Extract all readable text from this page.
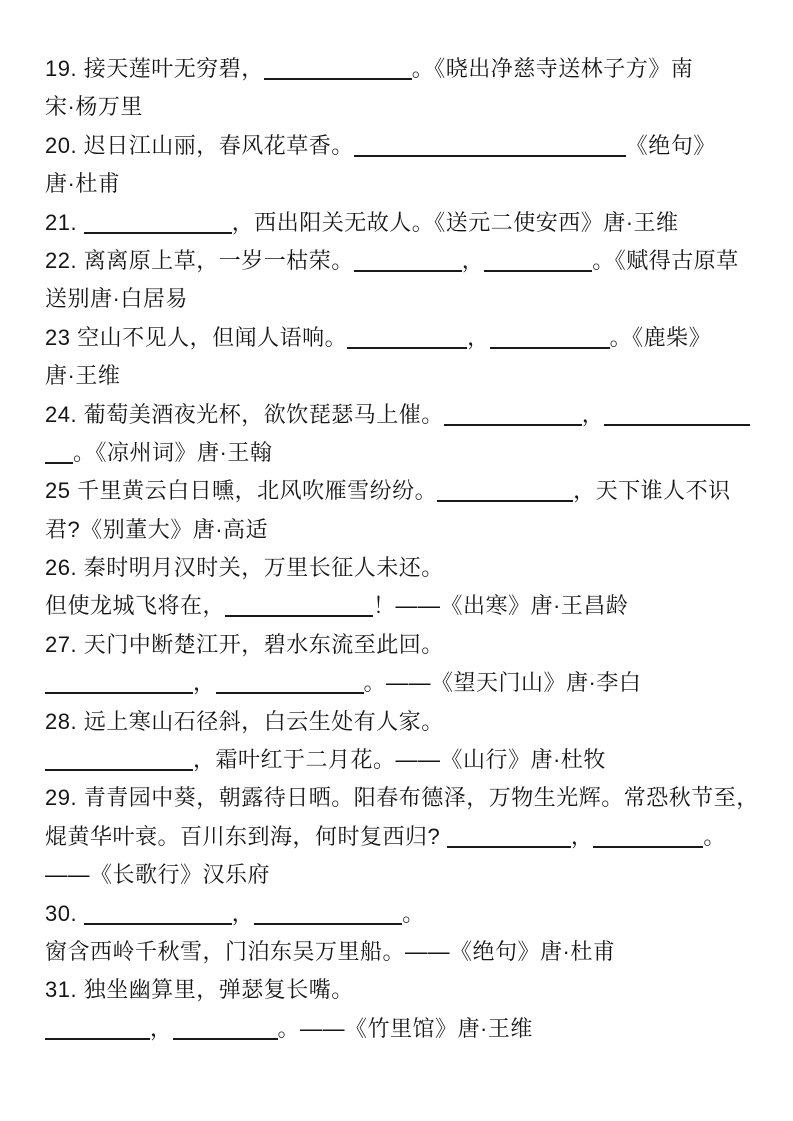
19. 接天莲叶无穷碧，	。《晓出净慈寺送林子方》南
宋·杨万里
20. 迟日江山丽，春风花草香。	《绝句》
唐·杜甫
21.	，西出阳关无故人。《送元二使安西》唐·王维
22. 离离原上草，一岁一枯荣。	，	。《赋得古原草
送别唐·白居易
23 空山不见人，但闻人语响。	，	。《鹿柴》
唐·王维
24. 葡萄美酒夜光杯，欲饮琵瑟马上催。	，
。《凉州词》唐·王翰
25 千里黄云白日曛，北风吹雁雪纷纷。	，天下谁人不识
君?《别董大》唐·高适
26. 秦时明月汉时关，万里长征人未还。
但使龙城飞将在，	！——《出寒》唐·王昌龄
27. 天门中断楚江开，碧水东流至此回。
，	。——《望天门山》唐·李白
28. 远上寒山石径斜，白云生处有人家。
，霜叶红于二月花。——《山行》唐·杜牧
29. 青青园中葵，朝露待日晒。阳春布德泽，万物生光辉。常恐秋节至，
焜黄华叶衰。百川东到海，何时复西归?	，	。
——《长歌行》汉乐府
30.	，	。
窗含西岭千秋雪，门泊东吴万里船。——《绝句》唐·杜甫
31. 独坐幽算里，弹瑟复长嘴。
，	。——《竹里馆》唐·王维
